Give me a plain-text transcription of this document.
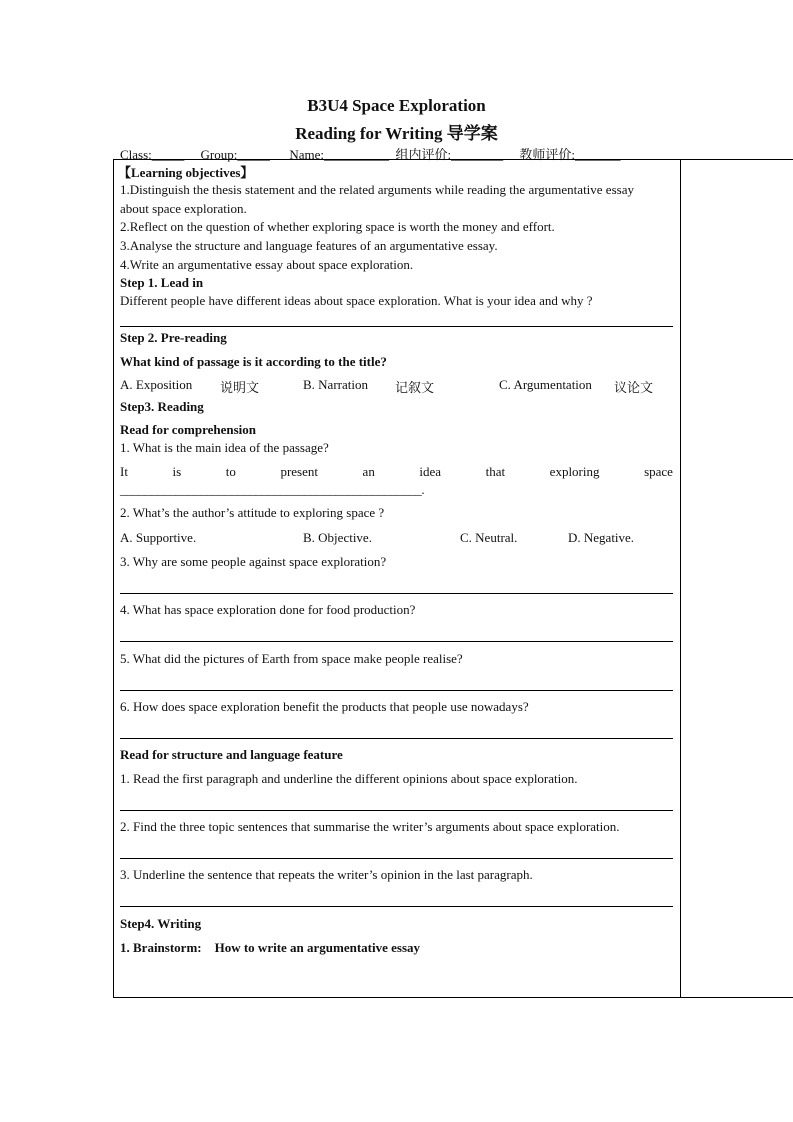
B3U4 Space Exploration
Reading for Writing 导学案
Class:_____     Group:_____      Name:__________  组内评价:________     教师评价:_______
【Learning objectives】
1.Distinguish the thesis statement and the related arguments while reading the argumentative essay
about space exploration.
2.Reflect on the question of whether exploring space is worth the money and effort.
3.Analyse the structure and language features of an argumentative essay.
4.Write an argumentative essay about space exploration.
Step 1. Lead in
Different people have different ideas about space exploration. What is your idea and why ?
Step 2. Pre-reading
What kind of passage is it according to the title?
A. Exposition 说明文	B. Narration 记叙文	C. Argumentation 议论文
Step3. Reading
Read for comprehension
1. What is the main idea of the passage?
It	is	to	present	an	idea	that	exploring	space
_________________________________________________.
2. What’s the author’s attitude to exploring space ?
A. Supportive.	B. Objective.	C. Neutral.	D. Negative.
3. Why are some people against space exploration?
4. What has space exploration done for food production?
5. What did the pictures of Earth from space make people realise?
6. How does space exploration benefit the products that people use nowadays?
Read for structure and language feature
1. Read the first paragraph and underline the different opinions about space exploration.
2. Find the three topic sentences that summarise the writer’s arguments about space exploration.
3. Underline the sentence that repeats the writer’s opinion in the last paragraph.
Step4. Writing
1. Brainstorm:    How to write an argumentative essay
